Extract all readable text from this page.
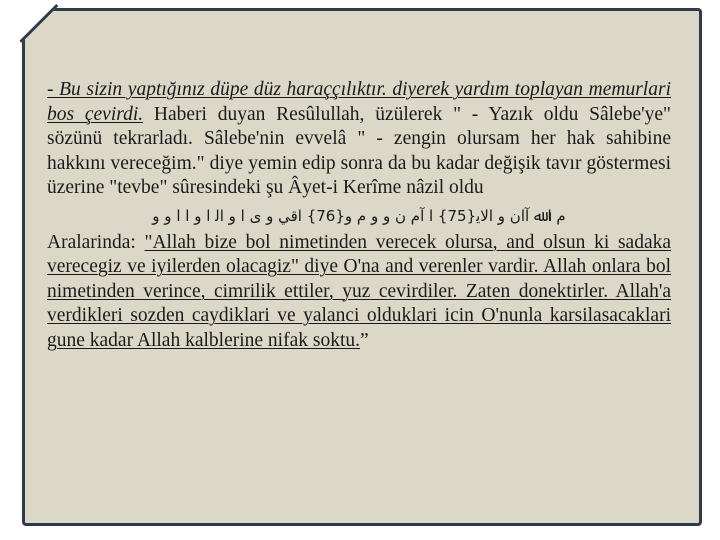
- Bu sizin yaptığınız düpe düz haraççılıktır. diyerek yardım toplayan memurlari bos çevirdi. Haberi duyan Resûlullah, üzülerek " - Yazık oldu Sâlebe'ye" sözünü tekrarladı. Sâlebe'nin evvelâ " - zengin olursam her hak sahibine hakkını vereceğim." diye yemin edip sonra da bu kadar değişik tavır göstermesi üzerine "tevbe" sûresindeki şu Âyet-i Kerîme nâzil oldu

م ا ﷲ ﺁﺍﻥ و ﺍﻟﺎﻳ{75} ا ﺁﻡ ﻥ و و م و{76} ﺍﻗﻲ ﻭ ﻯ ا ﻭ ﺍﻟ ﺍ ﻭ ا ﺍ ﻭ ﻭ

Aralarinda: "Allah bize bol nimetinden verecek olursa, and olsun ki sadaka verecegiz ve iyilerden olacagiz" diye O'na and verenler vardir. Allah onlara bol nimetinden verince, cimrilik ettiler, yuz cevirdiler. Zaten donektirler. Allah'a verdikleri sozden caydiklari ve yalanci olduklari icin O'nunla karsilasacaklari gune kadar Allah kalblerine nifak soktu.”
